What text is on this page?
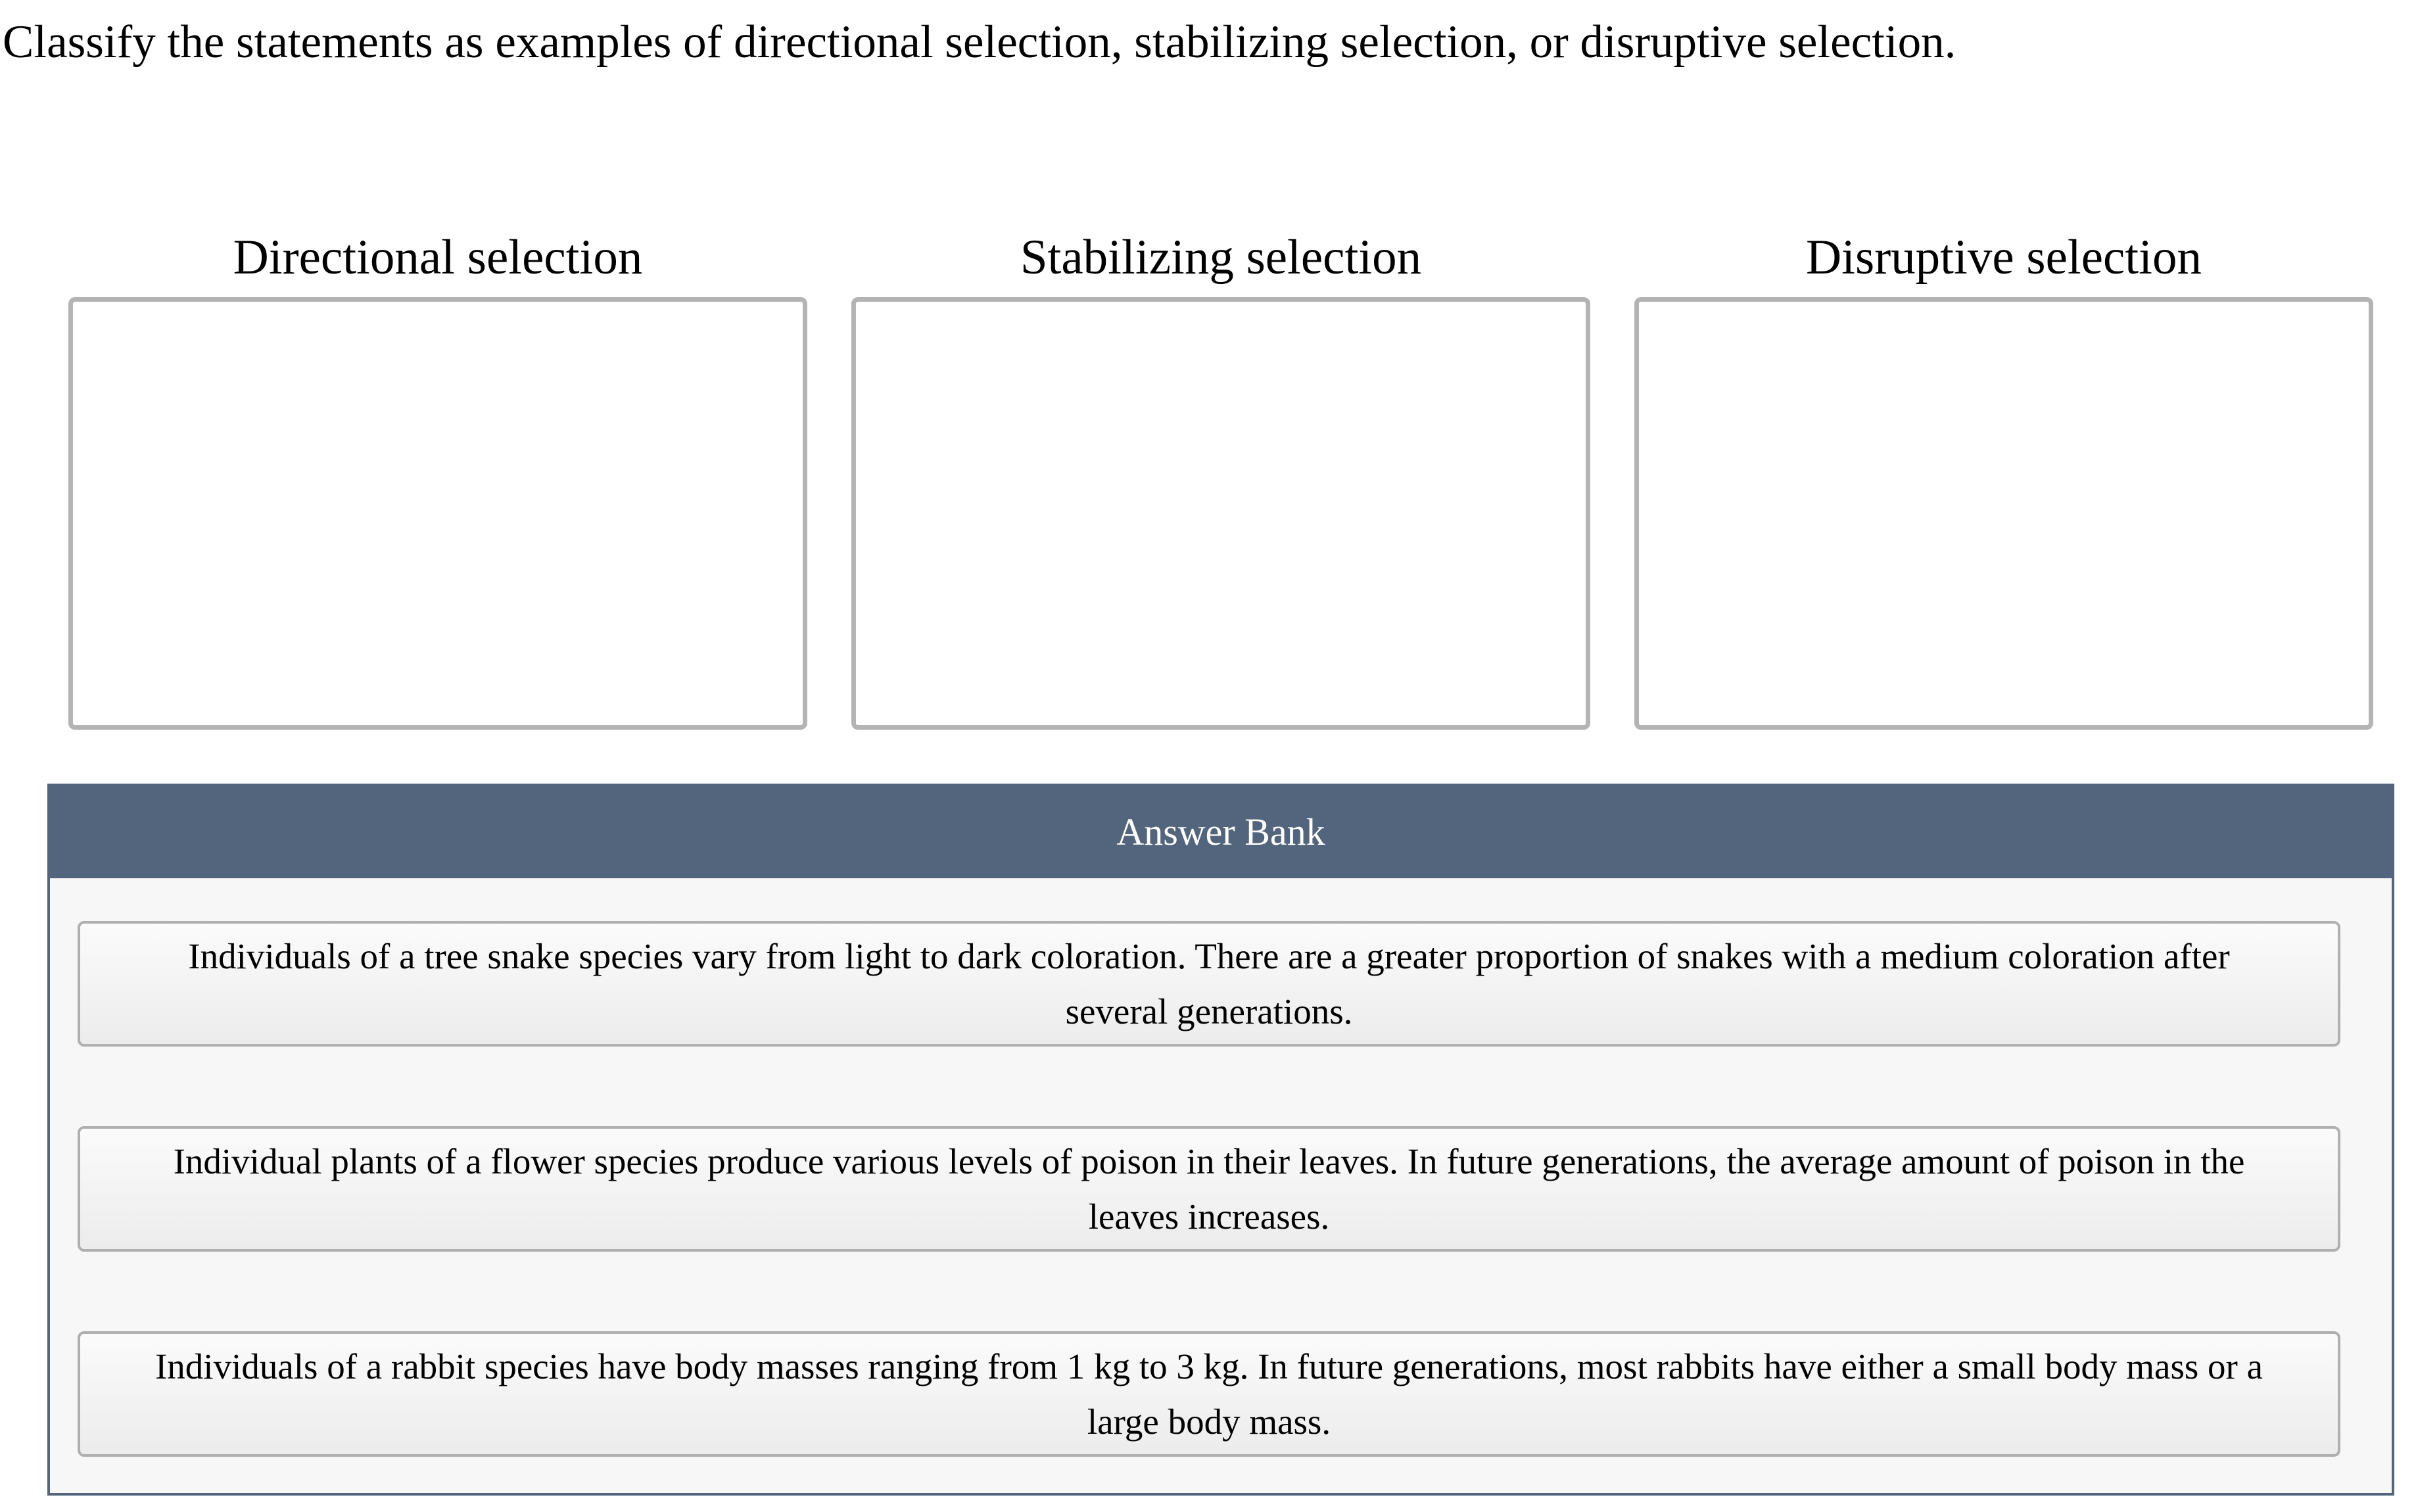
Classify the statements as examples of directional selection, stabilizing selection, or disruptive selection.
Directional selection	Stabilizing selection	Disruptive selection
Answer Bank
Individuals of a tree snake species vary from light to dark coloration. There are a greater proportion of snakes with a medium coloration after several generations.
Individual plants of a flower species produce various levels of poison in their leaves. In future generations, the average amount of poison in the leaves increases.
Individuals of a rabbit species have body masses ranging from 1 kg to 3 kg. In future generations, most rabbits have either a small body mass or a large body mass.
